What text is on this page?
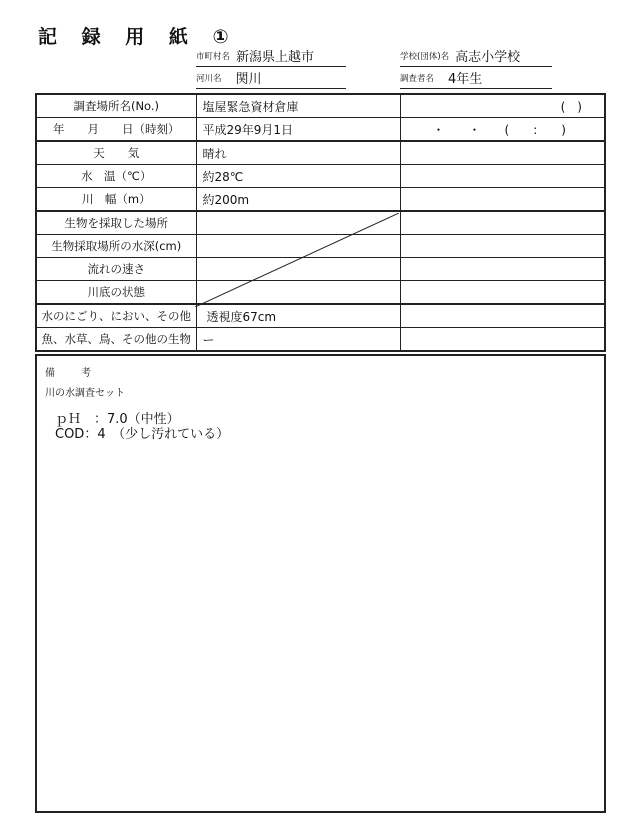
記 録 用 紙 ①
市町村名 新潟県上越市
河川名 関川
学校(団体)名 高志小学校
調査者名 4年生
調査場所名(No.)	塩屋緊急資材倉庫	(　)
年　　月　　日（時刻）	平成29年9月1日	・　・　(　:　)
天　　気	晴れ	
水　温（℃）	約28℃	
川　幅（m）	約200m	
生物を採取した場所		
生物採取場所の水深(cm)		
流れの速さ		
川底の状態		
水のにごり、におい、その他	透視度67cm	
魚、水草、鳥、その他の生物	ー	
備　考
川の水調査セット
ｐＨ　：7.0（中性）
COD：4　（少し汚れている）
